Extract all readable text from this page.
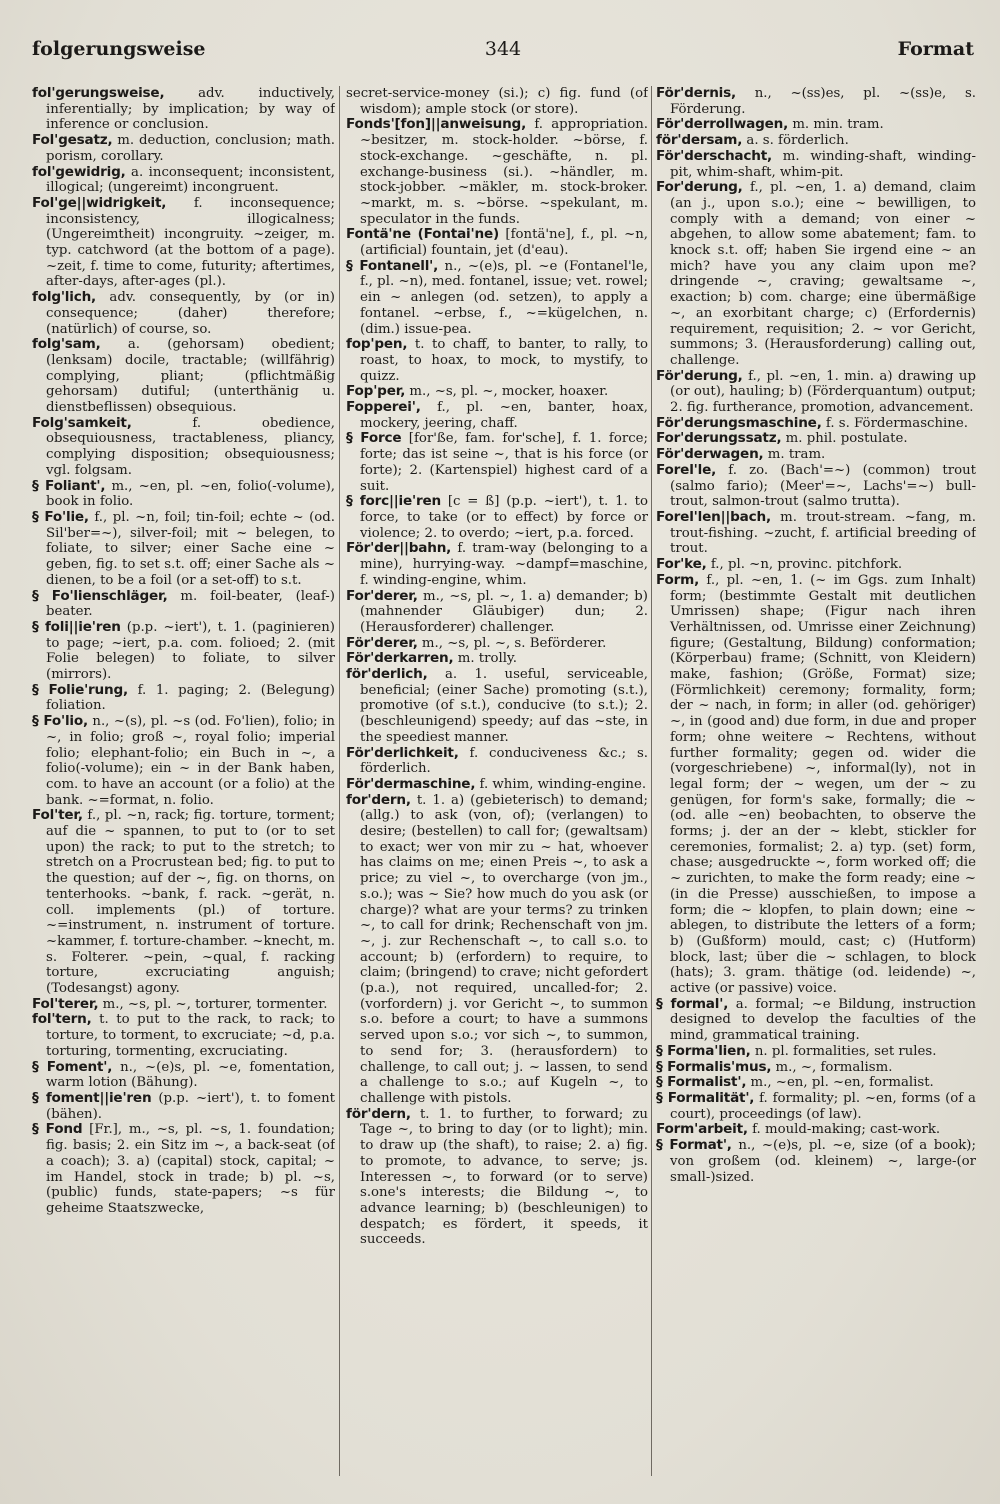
folgerungsweise	344	Format

fol'gerungsweise, adv. inductively, inferentially; by implication; by way of inference or conclusion.

Fol'gesatz, m. deduction, conclusion; math. porism, corollary.

fol'gewidrig, a. inconsequent; inconsistent, illogical; (ungereimt) incongruent.

Fol'ge||widrigkeit, f. inconsequence; inconsistency, illogicalness; (Ungereimtheit) incongruity. ~zeiger, m. typ. catchword (at the bottom of a page). ~zeit, f. time to come, futurity; aftertimes, after-days, after-ages (pl.).

folg'lich, adv. consequently, by (or in) consequence; (daher) therefore; (natürlich) of course, so.

folg'sam, a. (gehorsam) obedient; (lenksam) docile, tractable; (willfährig) complying, pliant; (pflichtmäßig gehorsam) dutiful; (unterthänig u. dienstbeflissen) obsequious.

Folg'samkeit, f. obedience, obsequiousness, tractableness, pliancy, complying disposition; obsequiousness; vgl. folgsam.

§ Foliant', m., ~en, pl. ~en, folio(-volume), book in folio.

§ Fo'lie, f., pl. ~n, foil; tin-foil; echte ~ (od. Sil'ber=~), silver-foil; mit ~ belegen, to foliate, to silver; einer Sache eine ~ geben, fig. to set s.t. off; einer Sache als ~ dienen, to be a foil (or a set-off) to s.t.

§ Fo'lienschläger, m. foil-beater, (leaf-) beater.

§ foli||ie'ren (p.p. ~iert'), t. 1. (paginieren) to page; ~iert, p.a. com. folioed; 2. (mit Folie belegen) to foliate, to silver (mirrors).

§ Folie'rung, f. 1. paging; 2. (Belegung) foliation.

§ Fo'lio, n., ~(s), pl. ~s (od. Fo'lien), folio; in ~, in folio; groß ~, royal folio; imperial folio; elephant-folio; ein Buch in ~, a folio(-volume); ein ~ in der Bank haben, com. to have an account (or a folio) at the bank. ~=format, n. folio.

Fol'ter, f., pl. ~n, rack; fig. torture, torment; auf die ~ spannen, to put to (or to set upon) the rack; to put to the stretch; to stretch on a Procrustean bed; fig. to put to the question; auf der ~, fig. on thorns, on tenterhooks. ~bank, f. rack. ~gerät, n. coll. implements (pl.) of torture. ~=instrument, n. instrument of torture. ~kammer, f. torture-chamber. ~knecht, m. s. Folterer. ~pein, ~qual, f. racking torture, excruciating anguish; (Todesangst) agony.

Fol'terer, m., ~s, pl. ~, torturer, tormenter.

fol'tern, t. to put to the rack, to rack; to torture, to torment, to excruciate; ~d, p.a. torturing, tormenting, excruciating.

§ Foment', n., ~(e)s, pl. ~e, fomentation, warm lotion (Bähung).

§ foment||ie'ren (p.p. ~iert'), t. to foment (bähen).

§ Fond [Fr.], m., ~s, pl. ~s, 1. foundation; fig. basis; 2. ein Sitz im ~, a back-seat (of a coach); 3. a) (capital) stock, capital; ~ im Handel, stock in trade; b) pl. ~s, (public) funds, state-papers; ~s für geheime Staatszwecke,

secret-service-money (si.); c) fig. fund (of wisdom); ample stock (or store).

Fonds'[fon]||anweisung, f. appropriation. ~besitzer, m. stock-holder. ~börse, f. stock-exchange. ~geschäfte, n. pl. exchange-business (si.). ~händler, m. stock-jobber. ~mäkler, m. stock-broker. ~markt, m. s. ~börse. ~spekulant, m. speculator in the funds.

Fontä'ne (Fontai'ne) [fontä'ne], f., pl. ~n, (artificial) fountain, jet (d'eau).

§ Fontanell', n., ~(e)s, pl. ~e (Fontanel'le, f., pl. ~n), med. fontanel, issue; vet. rowel; ein ~ anlegen (od. setzen), to apply a fontanel. ~erbse, f., ~=kügelchen, n. (dim.) issue-pea.

fop'pen, t. to chaff, to banter, to rally, to roast, to hoax, to mock, to mystify, to quizz.

Fop'per, m., ~s, pl. ~, mocker, hoaxer.

Fopperei', f., pl. ~en, banter, hoax, mockery, jeering, chaff.

§ Force [for'ße, fam. for'sche], f. 1. force; forte; das ist seine ~, that is his force (or forte); 2. (Kartenspiel) highest card of a suit.

§ forc||ie'ren [c = ß] (p.p. ~iert'), t. 1. to force, to take (or to effect) by force or violence; 2. to overdo; ~iert, p.a. forced.

För'der||bahn, f. tram-way (belonging to a mine), hurrying-way. ~dampf=maschine, f. winding-engine, whim.

For'derer, m., ~s, pl. ~, 1. a) demander; b) (mahnender Gläubiger) dun; 2. (Herausforderer) challenger.

För'derer, m., ~s, pl. ~, s. Beförderer.

För'derkarren, m. trolly.

för'derlich, a. 1. useful, serviceable, beneficial; (einer Sache) promoting (s.t.), promotive (of s.t.), conducive (to s.t.); 2. (beschleunigend) speedy; auf das ~ste, in the speediest manner.

För'derlichkeit, f. conduciveness &c.; s. förderlich.

För'dermaschine, f. whim, winding-engine.

for'dern, t. 1. a) (gebieterisch) to demand; (allg.) to ask (von, of); (verlangen) to desire; (bestellen) to call for; (gewaltsam) to exact; wer von mir zu ~ hat, whoever has claims on me; einen Preis ~, to ask a price; zu viel ~, to overcharge (von jm., s.o.); was ~ Sie? how much do you ask (or charge)? what are your terms? zu trinken ~, to call for drink; Rechenschaft von jm. ~, j. zur Rechenschaft ~, to call s.o. to account; b) (erfordern) to require, to claim; (bringend) to crave; nicht gefordert (p.a.), not required, uncalled-for; 2. (vorfordern) j. vor Gericht ~, to summon s.o. before a court; to have a summons served upon s.o.; vor sich ~, to summon, to send for; 3. (herausfordern) to challenge, to call out; j. ~ lassen, to send a challenge to s.o.; auf Kugeln ~, to challenge with pistols.

för'dern, t. 1. to further, to forward; zu Tage ~, to bring to day (or to light); min. to draw up (the shaft), to raise; 2. a) fig. to promote, to advance, to serve; js. Interessen ~, to forward (or to serve) s.one's interests; die Bildung ~, to advance learning; b) (beschleunigen) to despatch; es fördert, it speeds, it succeeds.

För'dernis, n., ~(ss)es, pl. ~(ss)e, s. Förderung.

För'derrollwagen, m. min. tram.

för'dersam, a. s. förderlich.

För'derschacht, m. winding-shaft, winding-pit, whim-shaft, whim-pit.

For'derung, f., pl. ~en, 1. a) demand, claim (an j., upon s.o.); eine ~ bewilligen, to comply with a demand; von einer ~ abgehen, to allow some abatement; fam. to knock s.t. off; haben Sie irgend eine ~ an mich? have you any claim upon me? dringende ~, craving; gewaltsame ~, exaction; b) com. charge; eine übermäßige ~, an exorbitant charge; c) (Erfordernis) requirement, requisition; 2. ~ vor Gericht, summons; 3. (Herausforderung) calling out, challenge.

För'derung, f., pl. ~en, 1. min. a) drawing up (or out), hauling; b) (Förderquantum) output; 2. fig. furtherance, promotion, advancement.

För'derungsmaschine, f. s. Fördermaschine.

For'derungssatz, m. phil. postulate.

För'derwagen, m. tram.

Forel'le, f. zo. (Bach'=~) (common) trout (salmo fario); (Meer'=~, Lachs'=~) bull-trout, salmon-trout (salmo trutta).

Forel'len||bach, m. trout-stream. ~fang, m. trout-fishing. ~zucht, f. artificial breeding of trout.

For'ke, f., pl. ~n, provinc. pitchfork.

Form, f., pl. ~en, 1. (~ im Ggs. zum Inhalt) form; (bestimmte Gestalt mit deutlichen Umrissen) shape; (Figur nach ihren Verhältnissen, od. Umrisse einer Zeichnung) figure; (Gestaltung, Bildung) conformation; (Körperbau) frame; (Schnitt, von Kleidern) make, fashion; (Größe, Format) size; (Förmlichkeit) ceremony; formality, form; der ~ nach, in form; in aller (od. gehöriger) ~, in (good and) due form, in due and proper form; ohne weitere ~ Rechtens, without further formality; gegen od. wider die (vorgeschriebene) ~, informal(ly), not in legal form; der ~ wegen, um der ~ zu genügen, for form's sake, formally; die ~ (od. alle ~en) beobachten, to observe the forms; j. der an der ~ klebt, stickler for ceremonies, formalist; 2. a) typ. (set) form, chase; ausgedruckte ~, form worked off; die ~ zurichten, to make the form ready; eine ~ (in die Presse) ausschießen, to impose a form; die ~ klopfen, to plain down; eine ~ ablegen, to distribute the letters of a form; b) (Gußform) mould, cast; c) (Hutform) block, last; über die ~ schlagen, to block (hats); 3. gram. thätige (od. leidende) ~, active (or passive) voice.

§ formal', a. formal; ~e Bildung, instruction designed to develop the faculties of the mind, grammatical training.

§ Forma'lien, n. pl. formalities, set rules.

§ Formalis'mus, m., ~, formalism.

§ Formalist', m., ~en, pl. ~en, formalist.

§ Formalität', f. formality; pl. ~en, forms (of a court), proceedings (of law).

Form'arbeit, f. mould-making; cast-work.

§ Format', n., ~(e)s, pl. ~e, size (of a book); von großem (od. kleinem) ~, large-(or small-)sized.
